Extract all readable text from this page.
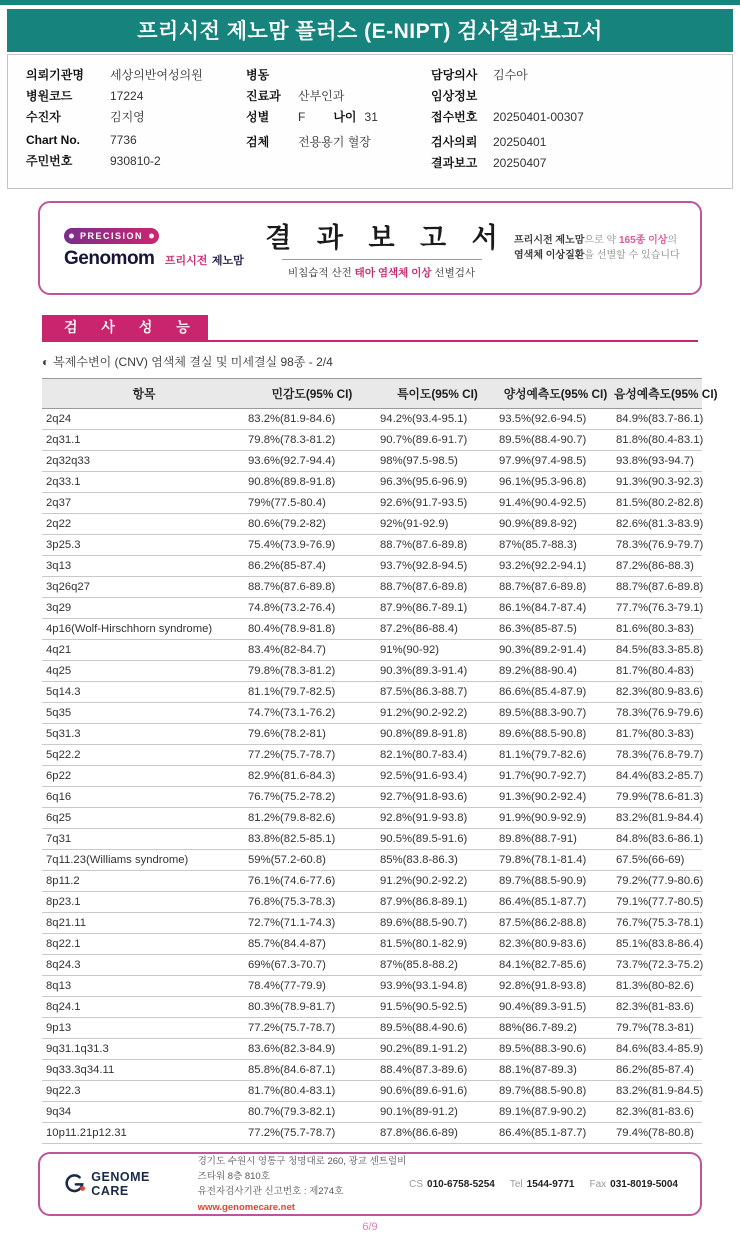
프리시전 제노맘 플러스 (E-NIPT) 검사결과보고서
의뢰기관명	세상의반여성의원
병원코드	17224
수진자	김지영
Chart No.	7736
주민번호	930810-2
병동
진료과	산부인과
성별	F 나이 31
검체	전용용기 혈장
담당의사	김수아
임상정보
접수번호	20250401-00307
검사의뢰	20250401
결과보고	20250407
PRECISION
Genomom 프리시전 제노맘
결 과 보 고 서
비침습적 산전 태아 염색체 이상 선별검사
프리시전 제노맘으로 약 165종 이상의
염색체 이상질환을 선별할 수 있습니다
검 사 성 능
◐ 복제수변이 (CNV) 염색체 결실 및 미세결실 98종 - 2/4
항목	민감도(95% CI)	특이도(95% CI)	양성예측도(95% CI)	음성예측도(95% CI)
2q24	83.2%(81.9-84.6)	94.2%(93.4-95.1)	93.5%(92.6-94.5)	84.9%(83.7-86.1)
2q31.1	79.8%(78.3-81.2)	90.7%(89.6-91.7)	89.5%(88.4-90.7)	81.8%(80.4-83.1)
2q32q33	93.6%(92.7-94.4)	98%(97.5-98.5)	97.9%(97.4-98.5)	93.8%(93-94.7)
2q33.1	90.8%(89.8-91.8)	96.3%(95.6-96.9)	96.1%(95.3-96.8)	91.3%(90.3-92.3)
2q37	79%(77.5-80.4)	92.6%(91.7-93.5)	91.4%(90.4-92.5)	81.5%(80.2-82.8)
2q22	80.6%(79.2-82)	92%(91-92.9)	90.9%(89.8-92)	82.6%(81.3-83.9)
3p25.3	75.4%(73.9-76.9)	88.7%(87.6-89.8)	87%(85.7-88.3)	78.3%(76.9-79.7)
3q13	86.2%(85-87.4)	93.7%(92.8-94.5)	93.2%(92.2-94.1)	87.2%(86-88.3)
3q26q27	88.7%(87.6-89.8)	88.7%(87.6-89.8)	88.7%(87.6-89.8)	88.7%(87.6-89.8)
3q29	74.8%(73.2-76.4)	87.9%(86.7-89.1)	86.1%(84.7-87.4)	77.7%(76.3-79.1)
4p16(Wolf-Hirschhorn syndrome)	80.4%(78.9-81.8)	87.2%(86-88.4)	86.3%(85-87.5)	81.6%(80.3-83)
4q21	83.4%(82-84.7)	91%(90-92)	90.3%(89.2-91.4)	84.5%(83.3-85.8)
4q25	79.8%(78.3-81.2)	90.3%(89.3-91.4)	89.2%(88-90.4)	81.7%(80.4-83)
5q14.3	81.1%(79.7-82.5)	87.5%(86.3-88.7)	86.6%(85.4-87.9)	82.3%(80.9-83.6)
5q35	74.7%(73.1-76.2)	91.2%(90.2-92.2)	89.5%(88.3-90.7)	78.3%(76.9-79.6)
5q31.3	79.6%(78.2-81)	90.8%(89.8-91.8)	89.6%(88.5-90.8)	81.7%(80.3-83)
5q22.2	77.2%(75.7-78.7)	82.1%(80.7-83.4)	81.1%(79.7-82.6)	78.3%(76.8-79.7)
6p22	82.9%(81.6-84.3)	92.5%(91.6-93.4)	91.7%(90.7-92.7)	84.4%(83.2-85.7)
6q16	76.7%(75.2-78.2)	92.7%(91.8-93.6)	91.3%(90.2-92.4)	79.9%(78.6-81.3)
6q25	81.2%(79.8-82.6)	92.8%(91.9-93.8)	91.9%(90.9-92.9)	83.2%(81.9-84.4)
7q31	83.8%(82.5-85.1)	90.5%(89.5-91.6)	89.8%(88.7-91)	84.8%(83.6-86.1)
7q11.23(Williams syndrome)	59%(57.2-60.8)	85%(83.8-86.3)	79.8%(78.1-81.4)	67.5%(66-69)
8p11.2	76.1%(74.6-77.6)	91.2%(90.2-92.2)	89.7%(88.5-90.9)	79.2%(77.9-80.6)
8p23.1	76.8%(75.3-78.3)	87.9%(86.8-89.1)	86.4%(85.1-87.7)	79.1%(77.7-80.5)
8q21.11	72.7%(71.1-74.3)	89.6%(88.5-90.7)	87.5%(86.2-88.8)	76.7%(75.3-78.1)
8q22.1	85.7%(84.4-87)	81.5%(80.1-82.9)	82.3%(80.9-83.6)	85.1%(83.8-86.4)
8q24.3	69%(67.3-70.7)	87%(85.8-88.2)	84.1%(82.7-85.6)	73.7%(72.3-75.2)
8q13	78.4%(77-79.9)	93.9%(93.1-94.8)	92.8%(91.8-93.8)	81.3%(80-82.6)
8q24.1	80.3%(78.9-81.7)	91.5%(90.5-92.5)	90.4%(89.3-91.5)	82.3%(81-83.6)
9p13	77.2%(75.7-78.7)	89.5%(88.4-90.6)	88%(86.7-89.2)	79.7%(78.3-81)
9q31.1q31.3	83.6%(82.3-84.9)	90.2%(89.1-91.2)	89.5%(88.3-90.6)	84.6%(83.4-85.9)
9q33.3q34.11	85.8%(84.6-87.1)	88.4%(87.3-89.6)	88.1%(87-89.3)	86.2%(85-87.4)
9q22.3	81.7%(80.4-83.1)	90.6%(89.6-91.6)	89.7%(88.5-90.8)	83.2%(81.9-84.5)
9q34	80.7%(79.3-82.1)	90.1%(89-91.2)	89.1%(87.9-90.2)	82.3%(81-83.6)
10p11.21p12.31	77.2%(75.7-78.7)	87.8%(86.6-89)	86.4%(85.1-87.7)	79.4%(78-80.8)
GENOME CARE
경기도 수원시 영통구 청명대로 260, 광교 센트럴비즈타워 8층 810호
유전자검사기관 신고번호 : 제274호
www.genomecare.net
CS 010-6758-5254 Tel 1544-9771 Fax 031-8019-5004
6/9
